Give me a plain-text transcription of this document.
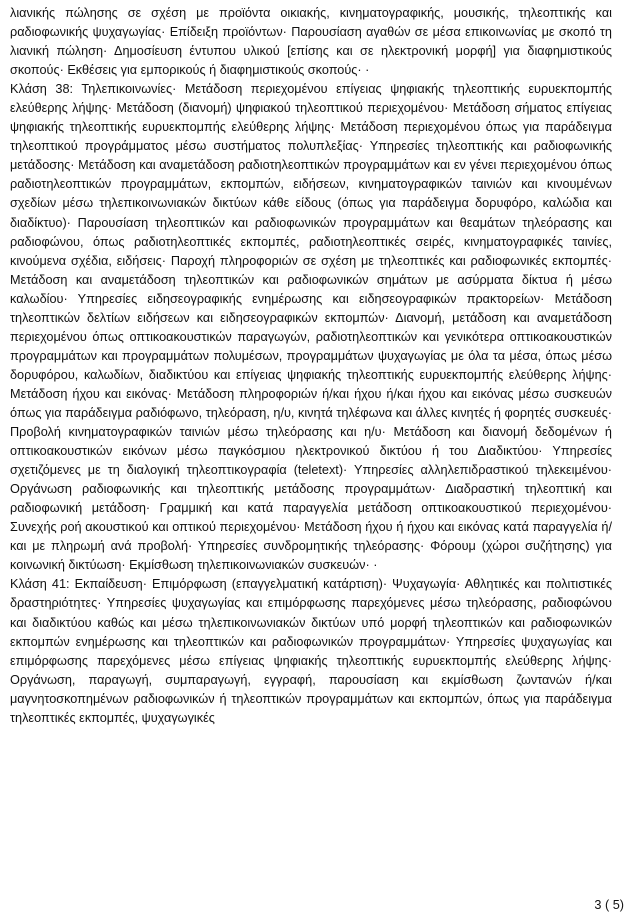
λιανικής πώλησης σε σχέση με προϊόντα οικιακής, κινηματογραφικής, μουσικής, τηλεοπτικής και ραδιοφωνικής ψυχαγωγίας· Επίδειξη προϊόντων· Παρουσίαση αγαθών σε μέσα επικοινωνίας με σκοπό τη λιανική πώληση· Δημοσίευση έντυπου υλικού [επίσης και σε ηλεκτρονική μορφή] για διαφημιστικούς σκοπούς· Εκθέσεις για εμπορικούς ή διαφημιστικούς σκοπούς· ·

Κλάση 38: Τηλεπικοινωνίες· Μετάδοση περιεχομένου επίγειας ψηφιακής τηλεοπτικής ευρυεκπομπής ελεύθερης λήψης· Μετάδοση (διανομή) ψηφιακού τηλεοπτικού περιεχομένου· Μετάδοση σήματος επίγειας ψηφιακής τηλεοπτικής ευρυεκπομπής ελεύθερης λήψης· Μετάδοση περιεχομένου όπως για παράδειγμα τηλεοπτικού προγράμματος μέσω συστήματος πολυπλεξίας· Υπηρεσίες τηλεοπτικής και ραδιοφωνικής μετάδοσης· Μετάδοση και αναμετάδοση ραδιοτηλεοπτικών προγραμμάτων και εν γένει περιεχομένου όπως ραδιοτηλεοπτικών προγραμμάτων, εκπομπών, ειδήσεων, κινηματογραφικών ταινιών και κινουμένων σχεδίων μέσω τηλεπικοινωνιακών δικτύων κάθε είδους (όπως για παράδειγμα δορυφόρο, καλώδια και διαδίκτυο)· Παρουσίαση τηλεοπτικών και ραδιοφωνικών προγραμμάτων και θεαμάτων τηλεόρασης και ραδιοφώνου, όπως ραδιοτηλεοπτικές εκπομπές, ραδιοτηλεοπτικές σειρές, κινηματογραφικές ταινίες, κινούμενα σχέδια, ειδήσεις· Παροχή πληροφοριών σε σχέση με τηλεοπτικές και ραδιοφωνικές εκπομπές· Μετάδοση και αναμετάδοση τηλεοπτικών και ραδιοφωνικών σημάτων με ασύρματα δίκτυα ή μέσω καλωδίου· Υπηρεσίες ειδησεογραφικής ενημέρωσης και ειδησεογραφικών πρακτορείων· Μετάδοση τηλεοπτικών δελτίων ειδήσεων και ειδησεογραφικών εκπομπών· Διανομή, μετάδοση και αναμετάδοση περιεχομένου όπως οπτικοακουστικών παραγωγών, ραδιοτηλεοπτικών και γενικότερα οπτικοακουστικών προγραμμάτων και προγραμμάτων πολυμέσων, προγραμμάτων ψυχαγωγίας με όλα τα μέσα, όπως μέσω δορυφόρου, καλωδίων, διαδικτύου και επίγειας ψηφιακής τηλεοπτικής ευρυεκπομπής ελεύθερης λήψης· Μετάδοση ήχου και εικόνας· Μετάδοση πληροφοριών ή/και ήχου ή/και ήχου και εικόνας μέσω συσκευών όπως για παράδειγμα ραδιόφωνο, τηλεόραση, η/υ, κινητά τηλέφωνα και άλλες κινητές ή φορητές συσκευές· Προβολή κινηματογραφικών ταινιών μέσω τηλεόρασης και η/υ· Μετάδοση και διανομή δεδομένων ή οπτικοακουστικών εικόνων μέσω παγκόσμιου ηλεκτρονικού δικτύου ή του Διαδικτύου· Υπηρεσίες σχετιζόμενες με τη διαλογική τηλεοπτικογραφία (teletext)· Υπηρεσίες αλληλεπιδραστικού τηλεκειμένου· Οργάνωση ραδιοφωνικής και τηλεοπτικής μετάδοσης προγραμμάτων· Διαδραστική τηλεοπτική και ραδιοφωνική μετάδοση· Γραμμική και κατά παραγγελία μετάδοση οπτικοακουστικού περιεχομένου· Συνεχής ροή ακουστικού και οπτικού περιεχομένου· Μετάδοση ήχου ή ήχου και εικόνας κατά παραγγελία ή/και με πληρωμή ανά προβολή· Υπηρεσίες συνδρομητικής τηλεόρασης· Φόρουμ (χώροι συζήτησης) για κοινωνική δικτύωση· Εκμίσθωση τηλεπικοινωνιακών συσκευών· ·

Κλάση 41: Εκπαίδευση· Επιμόρφωση (επαγγελματική κατάρτιση)· Ψυχαγωγία· Αθλητικές και πολιτιστικές δραστηριότητες· Υπηρεσίες ψυχαγωγίας και επιμόρφωσης παρεχόμενες μέσω τηλεόρασης, ραδιοφώνου και διαδικτύου καθώς και μέσω τηλεπικοινωνιακών δικτύων υπό μορφή τηλεοπτικών και ραδιοφωνικών εκπομπών ενημέρωσης και τηλεοπτικών και ραδιοφωνικών προγραμμάτων· Υπηρεσίες ψυχαγωγίας και επιμόρφωσης παρεχόμενες μέσω επίγειας ψηφιακής τηλεοπτικής ευρυεκπομπής ελεύθερης λήψης· Οργάνωση, παραγωγή, συμπαραγωγή, εγγραφή, παρουσίαση και εκμίσθωση ζωντανών ή/και μαγνητοσκοπημένων ραδιοφωνικών ή τηλεοπτικών προγραμμάτων και εκπομπών, όπως για παράδειγμα τηλεοπτικές εκπομπές, ψυχαγωγικές

3 ( 5)
